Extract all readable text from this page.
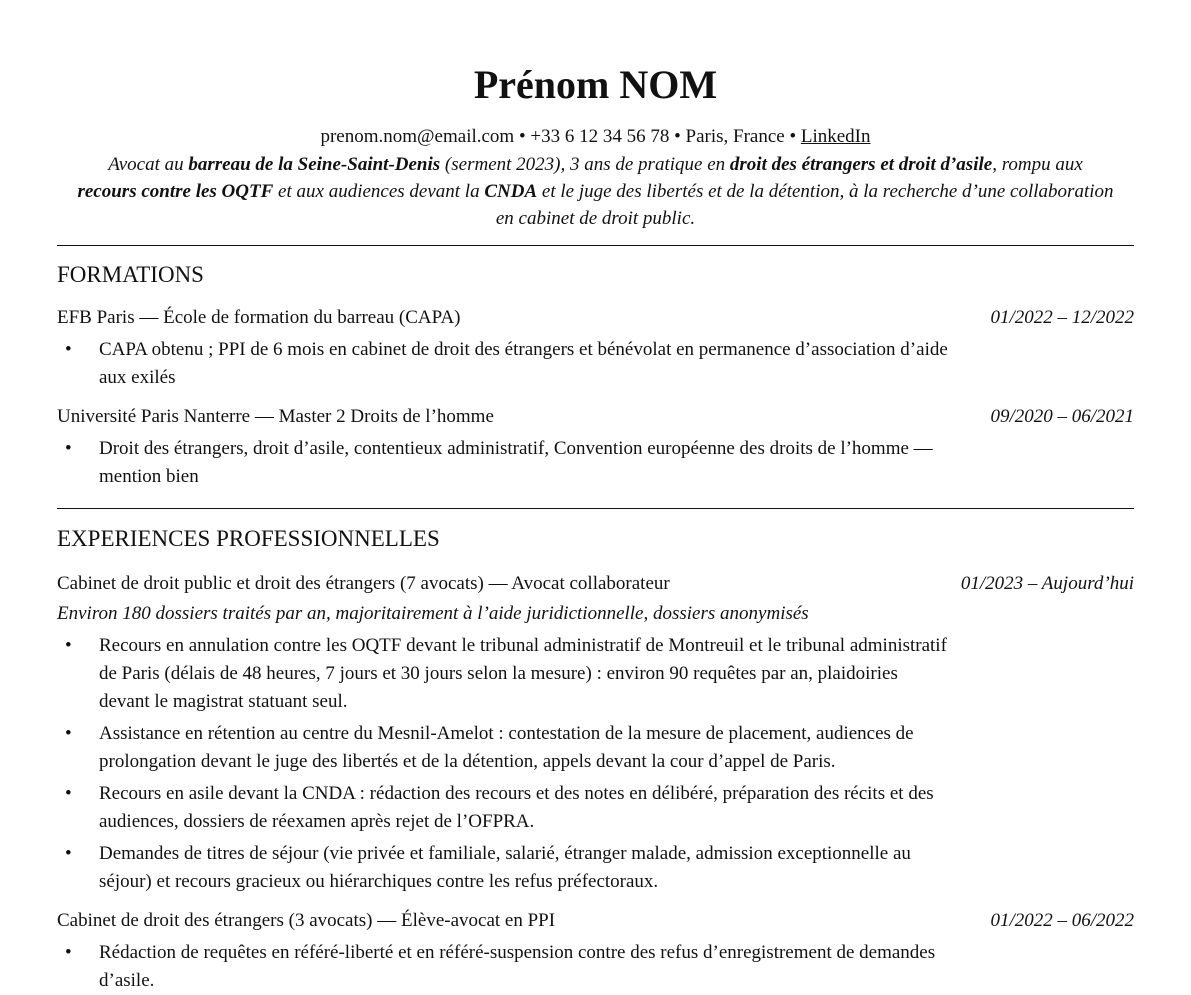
Prénom NOM
prenom.nom@email.com • +33 6 12 34 56 78 • Paris, France • LinkedIn
Avocat au barreau de la Seine-Saint-Denis (serment 2023), 3 ans de pratique en droit des étrangers et droit d’asile, rompu aux recours contre les OQTF et aux audiences devant la CNDA et le juge des libertés et de la détention, à la recherche d’une collaboration en cabinet de droit public.
FORMATIONS
EFB Paris — École de formation du barreau (CAPA)	01/2022 – 12/2022
• CAPA obtenu ; PPI de 6 mois en cabinet de droit des étrangers et bénévolat en permanence d’association d’aide aux exilés
Université Paris Nanterre — Master 2 Droits de l’homme	09/2020 – 06/2021
• Droit des étrangers, droit d’asile, contentieux administratif, Convention européenne des droits de l’homme — mention bien
EXPERIENCES PROFESSIONNELLES
Cabinet de droit public et droit des étrangers (7 avocats) — Avocat collaborateur	01/2023 – Aujourd’hui
Environ 180 dossiers traités par an, majoritairement à l’aide juridictionnelle, dossiers anonymisés
• Recours en annulation contre les OQTF devant le tribunal administratif de Montreuil et le tribunal administratif de Paris (délais de 48 heures, 7 jours et 30 jours selon la mesure) : environ 90 requêtes par an, plaidoiries devant le magistrat statuant seul.
• Assistance en rétention au centre du Mesnil-Amelot : contestation de la mesure de placement, audiences de prolongation devant le juge des libertés et de la détention, appels devant la cour d’appel de Paris.
• Recours en asile devant la CNDA : rédaction des recours et des notes en délibéré, préparation des récits et des audiences, dossiers de réexamen après rejet de l’OFPRA.
• Demandes de titres de séjour (vie privée et familiale, salarié, étranger malade, admission exceptionnelle au séjour) et recours gracieux ou hiérarchiques contre les refus préfectoraux.
Cabinet de droit des étrangers (3 avocats) — Élève-avocat en PPI	01/2022 – 06/2022
• Rédaction de requêtes en référé-liberté et en référé-suspension contre des refus d’enregistrement de demandes d’asile.
